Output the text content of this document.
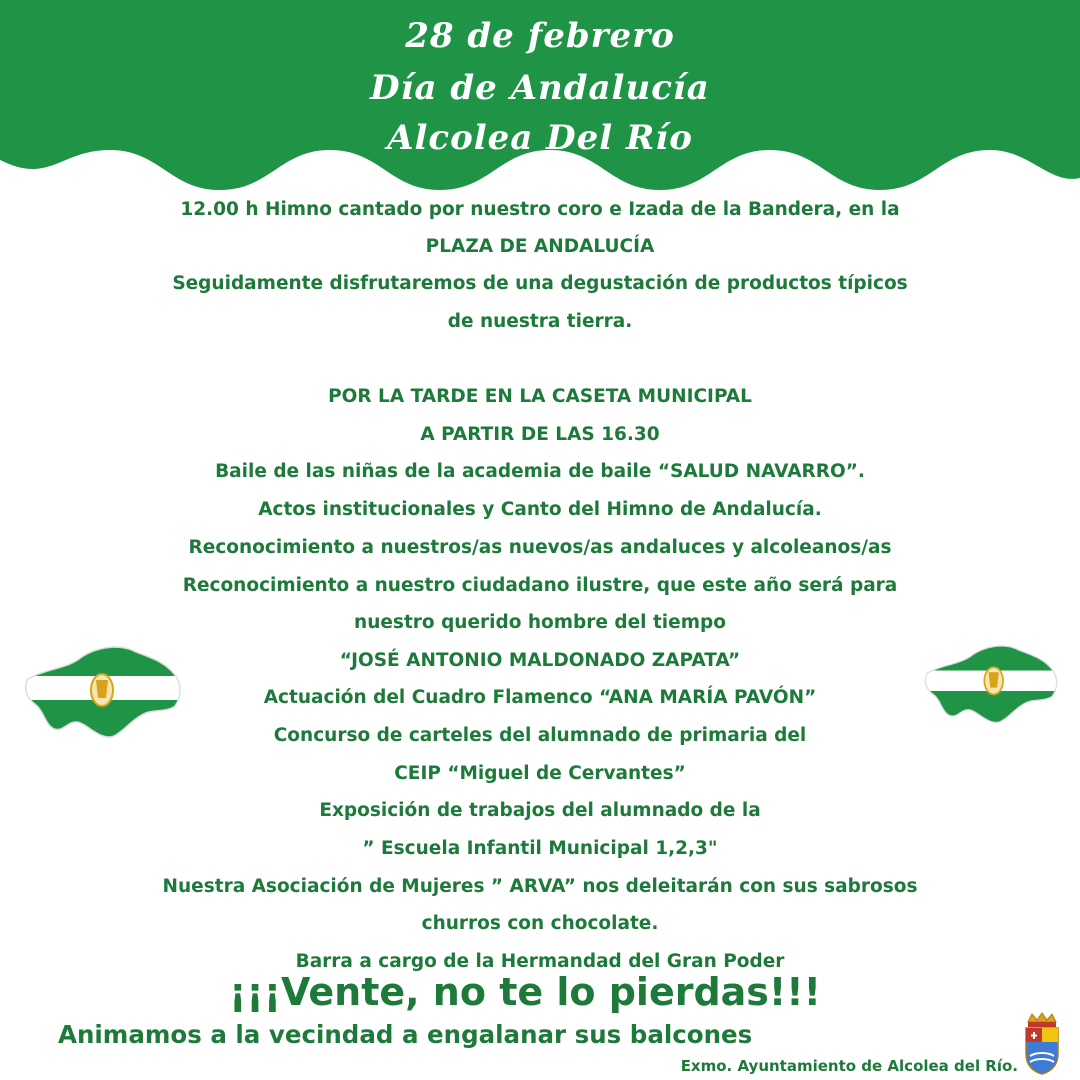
28 de febrero
Día de Andalucía
Alcolea Del Río
12.00 h Himno cantado por nuestro coro e Izada de la Bandera, en la
PLAZA DE ANDALUCÍA
Seguidamente disfrutaremos de una degustación de productos típicos
de nuestra tierra.
POR LA TARDE EN LA CASETA MUNICIPAL
A PARTIR DE LAS 16.30
Baile de las niñas de la academia de baile “SALUD NAVARRO”.
Actos institucionales y Canto del Himno de Andalucía.
Reconocimiento a nuestros/as nuevos/as andaluces y alcoleanos/as
Reconocimiento a nuestro ciudadano ilustre, que este año será para
nuestro querido hombre del tiempo
“JOSÉ ANTONIO MALDONADO ZAPATA”
Actuación del Cuadro Flamenco “ANA MARÍA PAVÓN”
Concurso de carteles del alumnado de primaria del
CEIP “Miguel de Cervantes”
Exposición de trabajos del alumnado de la
” Escuela Infantil Municipal 1,2,3"
Nuestra Asociación de Mujeres ” ARVA” nos deleitarán con sus sabrosos
churros con chocolate.
Barra a cargo de la Hermandad del Gran Poder
¡¡¡Vente, no te lo pierdas!!!
Animamos a la vecindad a engalanar sus balcones
Exmo. Ayuntamiento de Alcolea del Río.
